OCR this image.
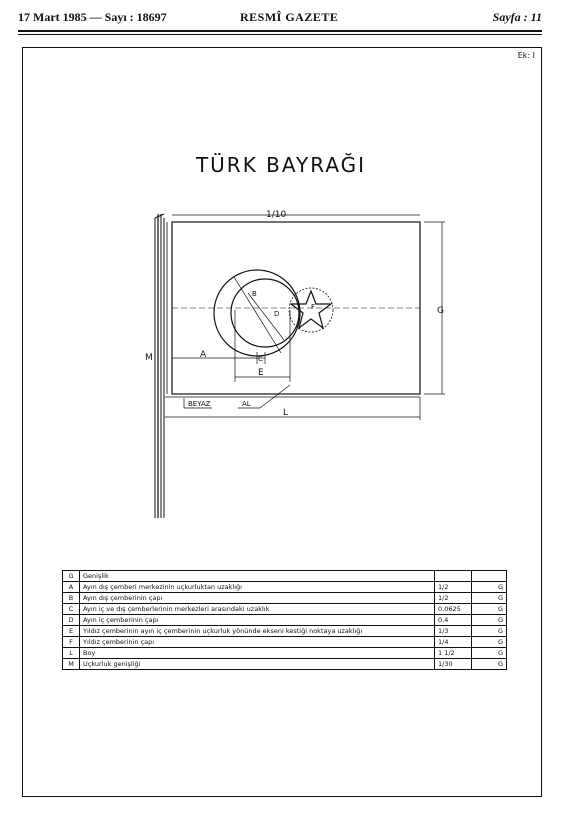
17 Mart 1985 — Sayı : 18697	RESMÎ GAZETE	Sayfa : 11
Ek: I
TÜRK BAYRAĞI
1/10
G
M	A
B
C
D
E
F
L
BEYAZ	AL
G	Genişlik		
A	Ayın dış çemberi merkezinin uçkurluktan uzaklığı	1/2	G
B	Ayın dış çemberinin çapı	1/2	G
C	Ayın iç ve dış çemberlerinin merkezleri arasındaki uzaklık	0,0625	G
D	Ayın iç çemberinin çapı	0,4	G
E	Yıldız çemberinin ayın iç çemberinin uçkurluk yönünde ekseni kestiği noktaya uzaklığı	1/3	G
F	Yıldız çemberinin çapı	1/4	G
L	Boy	1 1/2	G
M	Uçkurluk genişliği	1/30	G
